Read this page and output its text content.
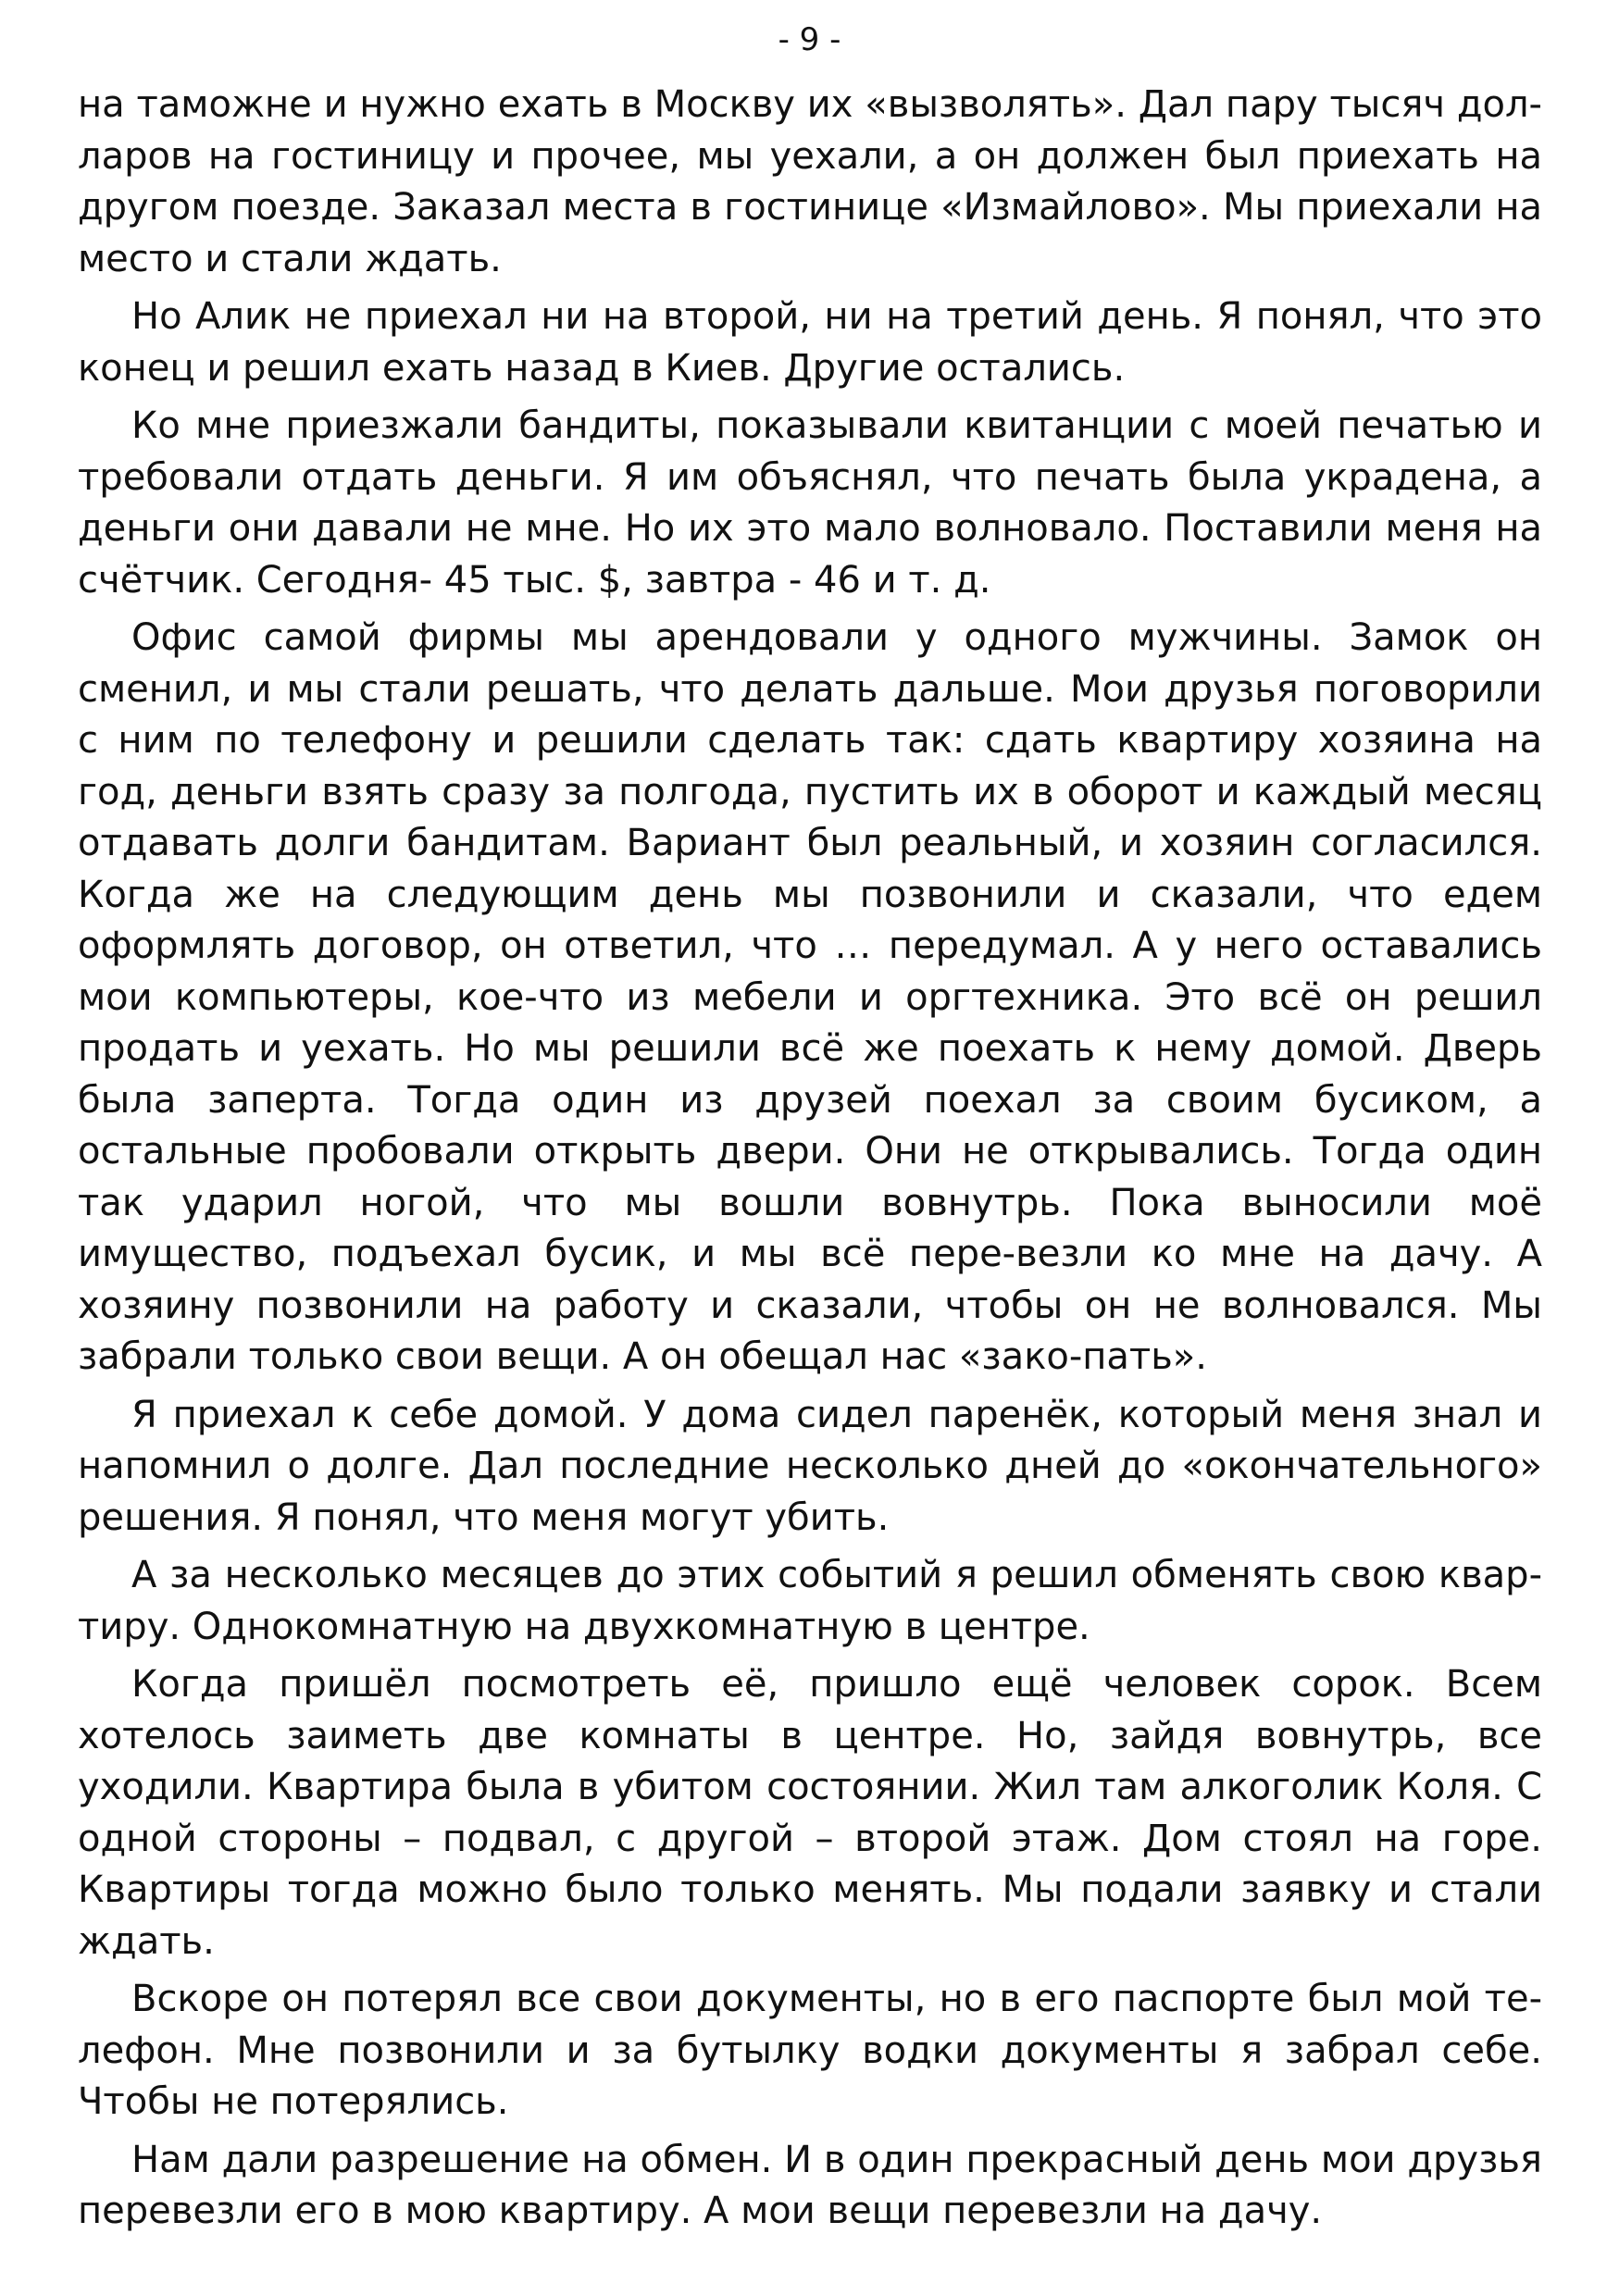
- 9 -

на таможне и нужно ехать в Москву их «вызволять». Дал пару тысяч дол-ларов на гостиницу и прочее, мы уехали, а он должен был приехать на другом поезде. Заказал места в гостинице «Измайлово». Мы приехали на место и стали ждать.

Но Алик не приехал ни на второй, ни на третий день. Я понял, что это конец и решил ехать назад в Киев. Другие остались.

Ко мне приезжали бандиты, показывали квитанции с моей печатью и требовали отдать деньги. Я им объяснял, что печать была украдена, а деньги они давали не мне. Но их это мало волновало. Поставили меня на счётчик. Сегодня- 45 тыс. $, завтра - 46 и т. д.

Офис самой фирмы мы арендовали у одного мужчины. Замок он сменил, и мы стали решать, что делать дальше. Мои друзья поговорили с ним по телефону и решили сделать так: сдать квартиру хозяина на год, деньги взять сразу за полгода, пустить их в оборот и каждый месяц отдавать долги бандитам. Вариант был реальный, и хозяин согласился. Когда же на следующим день мы позвонили и сказали, что едем оформлять договор, он ответил, что … передумал. А у него оставались мои компьютеры, кое-что из мебели и оргтехника. Это всё он решил продать и уехать. Но мы решили всё же поехать к нему домой. Дверь была заперта. Тогда один из друзей поехал за своим бусиком, а остальные пробовали открыть двери. Они не открывались. Тогда один так ударил ногой, что мы вошли вовнутрь. Пока выносили моё имущество, подъехал бусик, и мы всё пере-везли ко мне на дачу. А хозяину позвонили на работу и сказали, чтобы он не волновался. Мы забрали только свои вещи. А он обещал нас «зако-пать».

Я приехал к себе домой. У дома сидел паренёк, который меня знал и напомнил о долге. Дал последние несколько дней до «окончательного» решения. Я понял, что меня могут убить.

А за несколько месяцев до этих событий я решил обменять свою квар-тиру. Однокомнатную на двухкомнатную в центре.

Когда пришёл посмотреть её, пришло ещё человек сорок. Всем хотелось заиметь две комнаты в центре. Но, зайдя вовнутрь, все уходили. Квартира была в убитом состоянии. Жил там алкоголик Коля. С одной стороны – подвал, с другой – второй этаж. Дом стоял на горе. Квартиры тогда можно было только менять. Мы подали заявку и стали ждать.

Вскоре он потерял все свои документы, но в его паспорте был мой те-лефон. Мне позвонили и за бутылку водки документы я забрал себе. Чтобы не потерялись.

Нам дали разрешение на обмен. И в один прекрасный день мои друзья перевезли его в мою квартиру. А мои вещи перевезли на дачу.
